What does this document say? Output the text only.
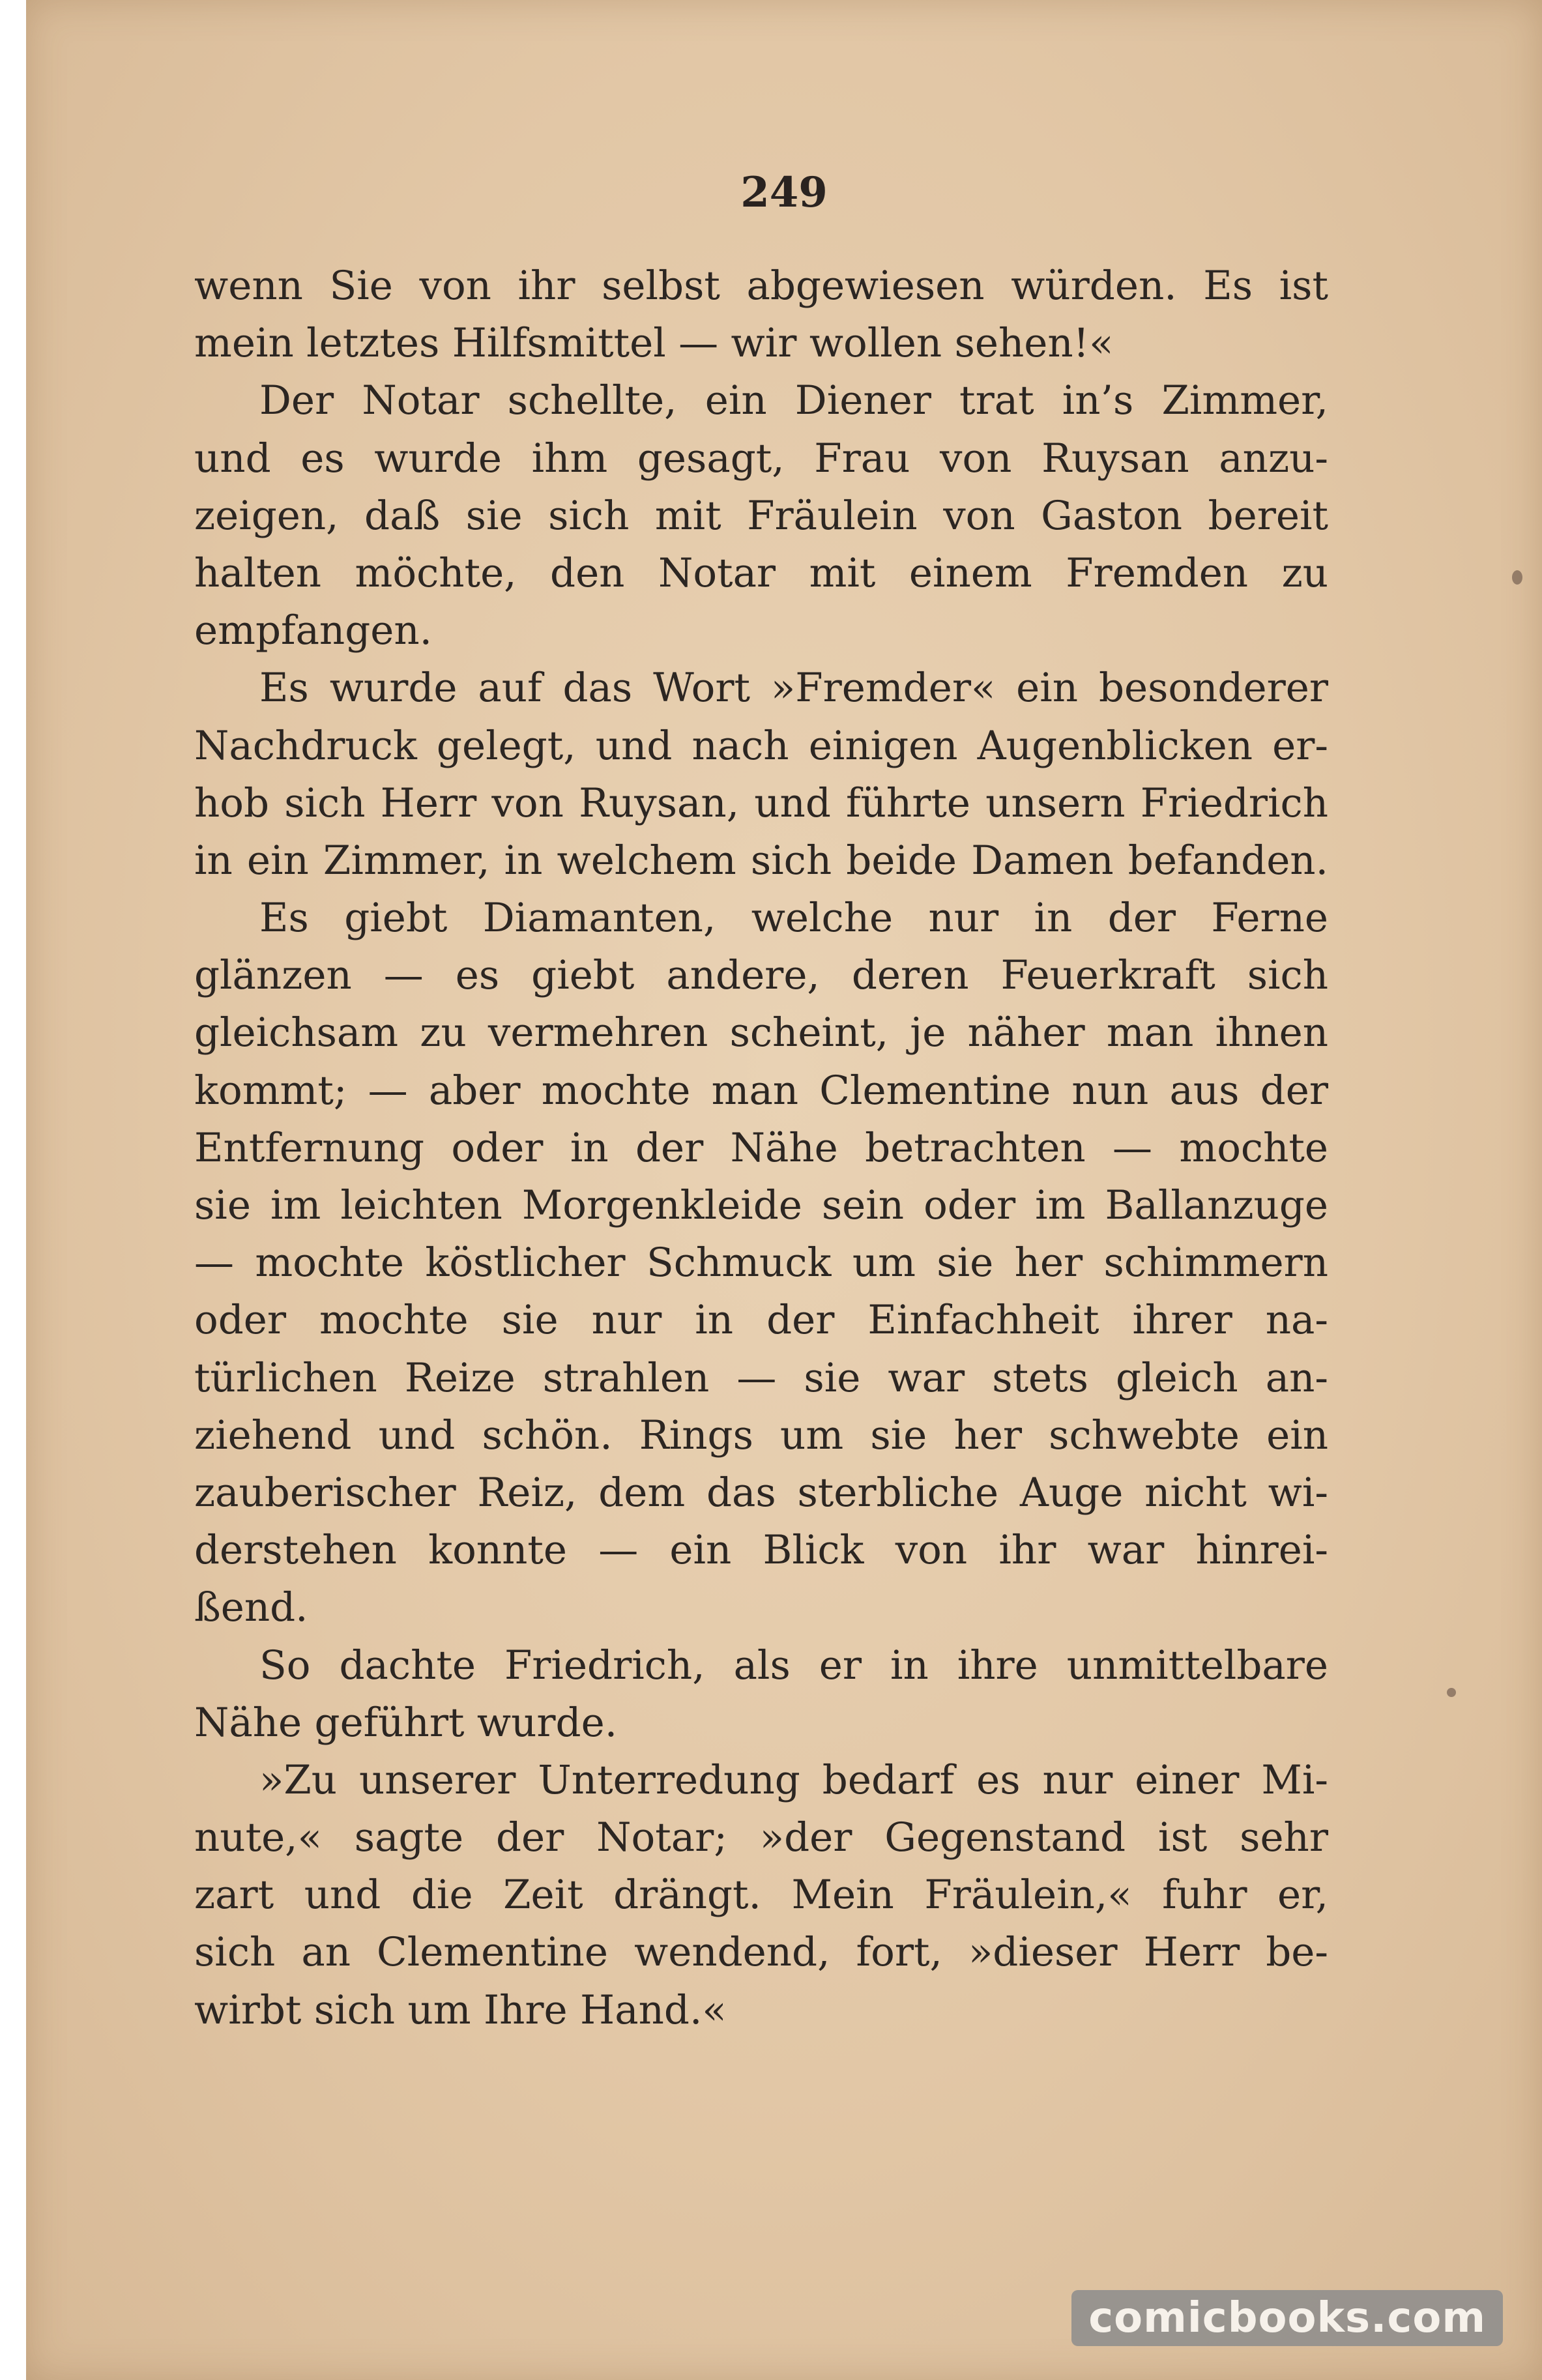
249
wenn Sie von ihr selbst abgewiesen würden. Es ist
mein letztes Hilfsmittel — wir wollen sehen!«
Der Notar schellte, ein Diener trat in’s Zimmer,
und es wurde ihm gesagt, Frau von Ruysan anzu-
zeigen, daß sie sich mit Fräulein von Gaston bereit
halten möchte, den Notar mit einem Fremden zu
empfangen.
Es wurde auf das Wort »Fremder« ein besonderer
Nachdruck gelegt, und nach einigen Augenblicken er-
hob sich Herr von Ruysan, und führte unsern Friedrich
in ein Zimmer, in welchem sich beide Damen befanden.
Es giebt Diamanten, welche nur in der Ferne
glänzen — es giebt andere, deren Feuerkraft sich
gleichsam zu vermehren scheint, je näher man ihnen
kommt; — aber mochte man Clementine nun aus der
Entfernung oder in der Nähe betrachten — mochte
sie im leichten Morgenkleide sein oder im Ballanzuge
— mochte köstlicher Schmuck um sie her schimmern
oder mochte sie nur in der Einfachheit ihrer na-
türlichen Reize strahlen — sie war stets gleich an-
ziehend und schön. Rings um sie her schwebte ein
zauberischer Reiz, dem das sterbliche Auge nicht wi-
derstehen konnte — ein Blick von ihr war hinrei-
ßend.
So dachte Friedrich, als er in ihre unmittelbare
Nähe geführt wurde.
»Zu unserer Unterredung bedarf es nur einer Mi-
nute,« sagte der Notar; »der Gegenstand ist sehr
zart und die Zeit drängt. Mein Fräulein,« fuhr er,
sich an Clementine wendend, fort, »dieser Herr be-
wirbt sich um Ihre Hand.«
comicbooks.com
